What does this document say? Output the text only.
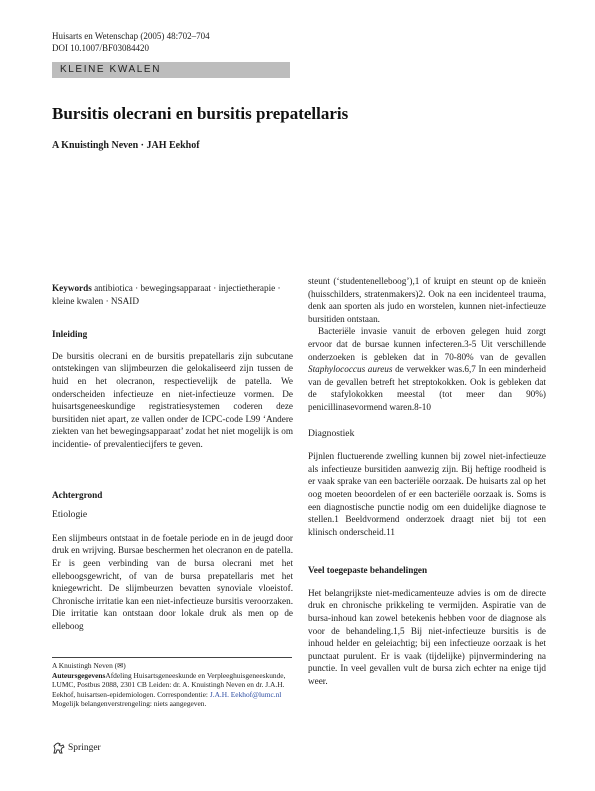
Huisarts en Wetenschap (2005) 48:702–704
DOI 10.1007/BF03084420
KLEINE KWALEN
Bursitis olecrani en bursitis prepatellaris
A Knuistingh Neven · JAH Eekhof

Keywords antibiotica · bewegingsapparaat · injectietherapie · kleine kwalen · NSAID

Inleiding

De bursitis olecrani en de bursitis prepatellaris zijn subcutane ontstekingen van slijmbeurzen die gelokaliseerd zijn tussen de huid en het olecranon, respectievelijk de patella. We onderscheiden infectieuze en niet-infectieuze vormen. De huisartsgeneeskundige registratiesystemen coderen deze bursitiden niet apart, ze vallen onder de ICPC-code L99 ‘Andere ziekten van het bewegingsapparaat’ zodat het niet mogelijk is om incidentie- of prevalentiecijfers te geven.

Achtergrond

Etiologie

Een slijmbeurs ontstaat in de foetale periode en in de jeugd door druk en wrijving. Bursae beschermen het olecranon en de patella. Er is geen verbinding van de bursa olecrani met het elleboogsgewricht, of van de bursa prepatellaris met het kniegewricht. De slijmbeurzen bevatten synoviale vloeistof. Chronische irritatie kan een niet-infectieuze bursitis veroorzaken. Die irritatie kan ontstaan door lokale druk als men op de elleboog

steunt (‘studentenelleboog’),1 of kruipt en steunt op de knieën (huisschilders, stratenmakers)2. Ook na een incidenteel trauma, denk aan sporten als judo en worstelen, kunnen niet-infectieuze bursitiden ontstaan.

Bacteriële invasie vanuit de erboven gelegen huid zorgt ervoor dat de bursae kunnen infecteren.3-5 Uit verschillende onderzoeken is gebleken dat in 70-80% van de gevallen Staphylococcus aureus de verwekker was.6,7 In een minderheid van de gevallen betreft het streptokokken. Ook is gebleken dat de stafylokokken meestal (tot meer dan 90%) penicillinasevormend waren.8-10

Diagnostiek

Pijnlen fluctuerende zwelling kunnen bij zowel niet-infectieuze als infectieuze bursitiden aanwezig zijn. Bij heftige roodheid is er vaak sprake van een bacteriële oorzaak. De huisarts zal op het oog moeten beoordelen of er een bacteriële oorzaak is. Soms is een diagnostische punctie nodig om een duidelijke diagnose te stellen.1 Beeldvormend onderzoek draagt niet bij tot een klinisch onderscheid.11

Veel toegepaste behandelingen

Het belangrijkste niet-medicamenteuze advies is om de directe druk en chronische prikkeling te vermijden. Aspiratie van de bursa-inhoud kan zowel betekenis hebben voor de diagnose als voor de behandeling.1,5 Bij niet-infectieuze bursitis is de inhoud helder en geleiachtig; bij een infectieuze oorzaak is het punctaat purulent. Er is vaak (tijdelijke) pijnvermindering na punctie. In veel gevallen vult de bursa zich echter na enige tijd weer.

A Knuistingh Neven (✉)

AuteursgegevensAfdeling Huisartsgeneeskunde en Verpleeghuisgeneeskunde, LUMC, Postbus 2088, 2301 CB Leiden: dr. A. Knuistingh Neven en dr. J.A.H. Eekhof, huisartsen-epidemiologen. Correspondentie: J.A.H. Eekhof@lumc.nl Mogelijk belangenverstrengeling: niets aangegeven.

Springer
